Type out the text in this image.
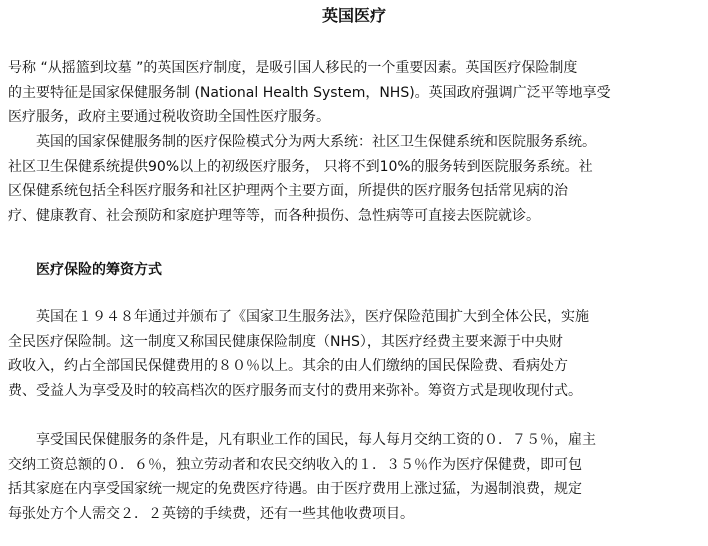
英国医疗

号称 “从摇篮到坟墓 ”的英国医疗制度，是吸引国人移民的一个重要因素。英国医疗保险制度
的主要特征是国家保健服务制 (National Health System，NHS)。英国政府强调广泛平等地享受
医疗服务，政府主要通过税收资助全国性医疗服务。

　　英国的国家保健服务制的医疗保险模式分为两大系统：社区卫生保健系统和医院服务系统。
社区卫生保健系统提供90%以上的初级医疗服务， 只将不到10%的服务转到医院服务系统。社
区保健系统包括全科医疗服务和社区护理两个主要方面，所提供的医疗服务包括常见病的治
疗、健康教育、社会预防和家庭护理等等，而各种损伤、急性病等可直接去医院就诊。

医疗保险的筹资方式

　　英国在１９４８年通过并颁布了《国家卫生服务法》，医疗保险范围扩大到全体公民，实施
全民医疗保险制。这一制度又称国民健康保险制度（NHS），其医疗经费主要来源于中央财
政收入，约占全部国民保健费用的８０％以上。其余的由人们缴纳的国民保险费、看病处方
费、受益人为享受及时的较高档次的医疗服务而支付的费用来弥补。筹资方式是现收现付式。

　　享受国民保健服务的条件是，凡有职业工作的国民，每人每月交纳工资的０．７５％，雇主
交纳工资总额的０．６％，独立劳动者和农民交纳收入的１．３５％作为医疗保健费，即可包
括其家庭在内享受国家统一规定的免费医疗待遇。由于医疗费用上涨过猛，为遏制浪费，规定
每张处方个人需交２．２英镑的手续费，还有一些其他收费项目。
